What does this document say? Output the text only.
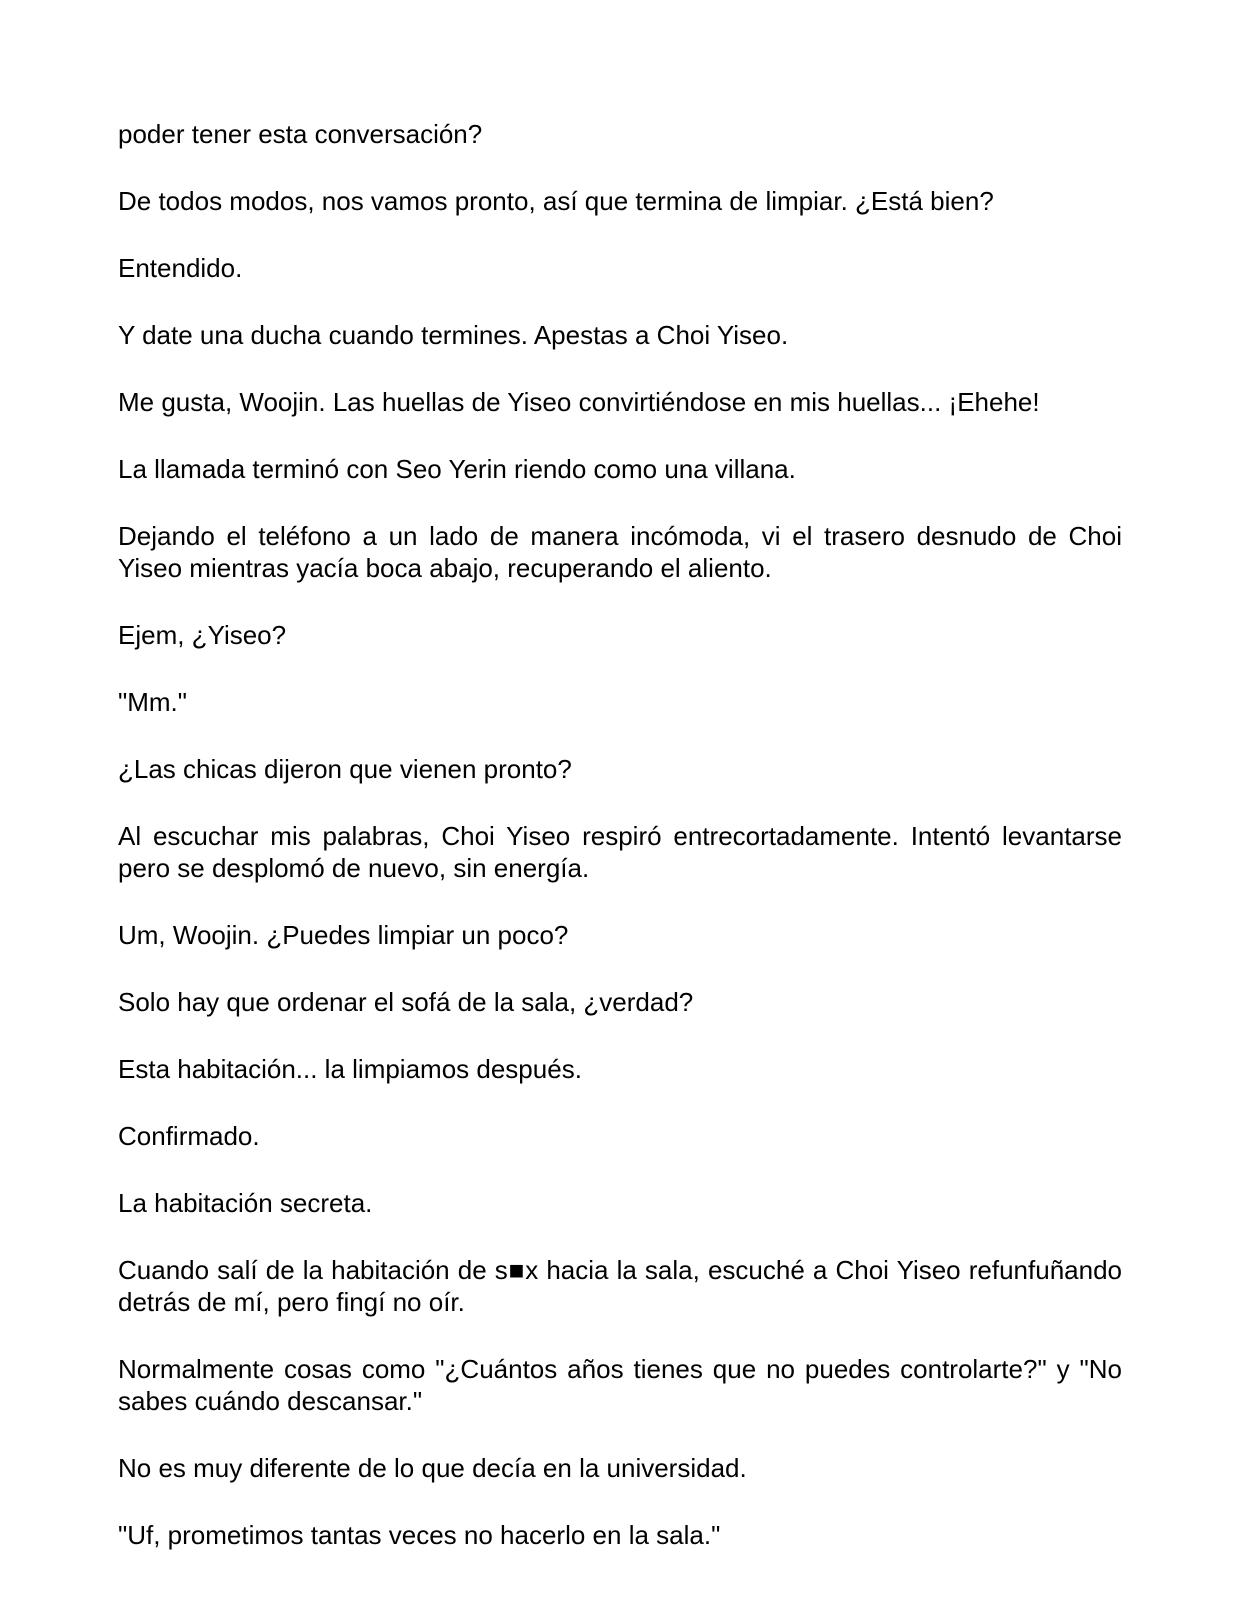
poder tener esta conversación?

De todos modos, nos vamos pronto, así que termina de limpiar. ¿Está bien?

Entendido.

Y date una ducha cuando termines. Apestas a Choi Yiseo.

Me gusta, Woojin. Las huellas de Yiseo convirtiéndose en mis huellas... ¡Ehehe!

La llamada terminó con Seo Yerin riendo como una villana.

Dejando el teléfono a un lado de manera incómoda, vi el trasero desnudo de Choi Yiseo mientras yacía boca abajo, recuperando el aliento.

Ejem, ¿Yiseo?

"Mm."

¿Las chicas dijeron que vienen pronto?

Al escuchar mis palabras, Choi Yiseo respiró entrecortadamente. Intentó levantarse pero se desplomó de nuevo, sin energía.

Um, Woojin. ¿Puedes limpiar un poco?

Solo hay que ordenar el sofá de la sala, ¿verdad?

Esta habitación... la limpiamos después.

Confirmado.

La habitación secreta.

Cuando salí de la habitación de s■x hacia la sala, escuché a Choi Yiseo refunfuñando detrás de mí, pero fingí no oír.

Normalmente cosas como "¿Cuántos años tienes que no puedes controlarte?" y "No sabes cuándo descansar."

No es muy diferente de lo que decía en la universidad.

"Uf, prometimos tantas veces no hacerlo en la sala."
